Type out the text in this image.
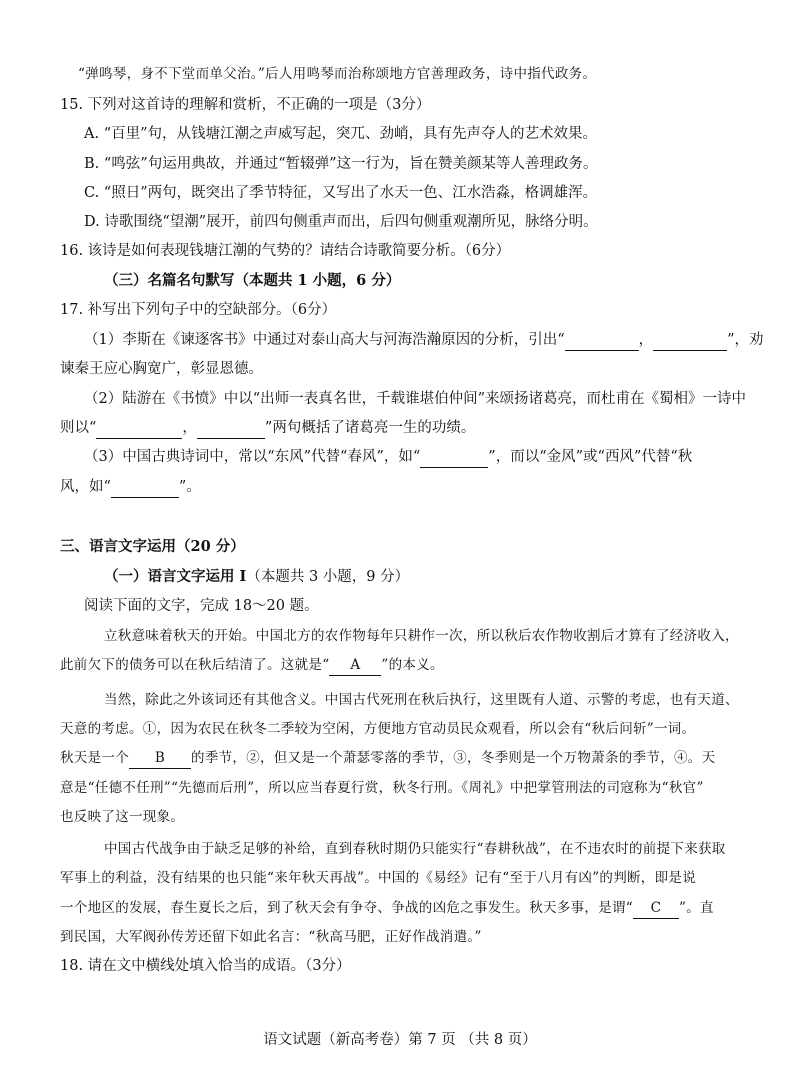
“弹鸣琴，身不下堂而单父治。”后人用鸣琴而治称颂地方官善理政务，诗中指代政务。
15. 下列对这首诗的理解和赏析，不正确的一项是（3分）
A. “百里”句，从钱塘江潮之声威写起，突兀、劲峭，具有先声夺人的艺术效果。
B. “鸣弦”句运用典故，并通过“暂辍弹”这一行为，旨在赞美颜某等人善理政务。
C. “照日”两句，既突出了季节特征，又写出了水天一色、江水浩淼，格调雄浑。
D. 诗歌围绕“望潮”展开，前四句侧重声而出，后四句侧重观潮所见，脉络分明。
16. 该诗是如何表现钱塘江潮的气势的？请结合诗歌简要分析。（6分）
（三）名篇名句默写（本题共 1 小题，6 分）
17. 补写出下列句子中的空缺部分。（6分）
（1）李斯在《谏逐客书》中通过对泰山高大与河海浩瀚原因的分析，引出“	，	”，劝
谏秦王应心胸宽广，彰显恩德。
（2）陆游在《书愤》中以“出师一表真名世，千载谁堪伯仲间”来颂扬诸葛亮，而杜甫在《蜀相》一诗中
则以“	，	”两句概括了诸葛亮一生的功绩。
（3）中国古典诗词中，常以“东风”代替“春风”，如“	”，而以“金风”或“西风”代替“秋
风，如“	”。
三、语言文字运用（20 分）
（一）语言文字运用 I（本题共 3 小题，9 分）
阅读下面的文字，完成 18～20 题。
立秋意味着秋天的开始。中国北方的农作物每年只耕作一次，所以秋后农作物收割后才算有了经济收入，
此前欠下的债务可以在秋后结清了。这就是“ A ”的本义。
当然，除此之外该词还有其他含义。中国古代死刑在秋后执行，这里既有人道、示警的考虑，也有天道、
天意的考虑。①，因为农民在秋冬二季较为空闲，方便地方官动员民众观看，所以会有“秋后问斩”一词。
秋天是一个 B 的季节，②，但又是一个萧瑟零落的季节，③，冬季则是一个万物萧条的季节，④。天
意是“任德不任刑”“先德而后刑”，所以应当春夏行赏，秋冬行刑。《周礼》中把掌管刑法的司寇称为“秋官”
也反映了这一现象。
中国古代战争由于缺乏足够的补给，直到春秋时期仍只能实行“春耕秋战”，在不违农时的前提下来获取
军事上的利益，没有结果的也只能“来年秋天再战”。中国的《易经》记有“至于八月有凶”的判断，即是说
一个地区的发展，春生夏长之后，到了秋天会有争夺、争战的凶危之事发生。秋天多事，是谓“ C ”。直
到民国，大军阀孙传芳还留下如此名言：“秋高马肥，正好作战消遣。”
18. 请在文中横线处填入恰当的成语。（3分）
语文试题（新高考卷）第 7 页 （共 8 页）
